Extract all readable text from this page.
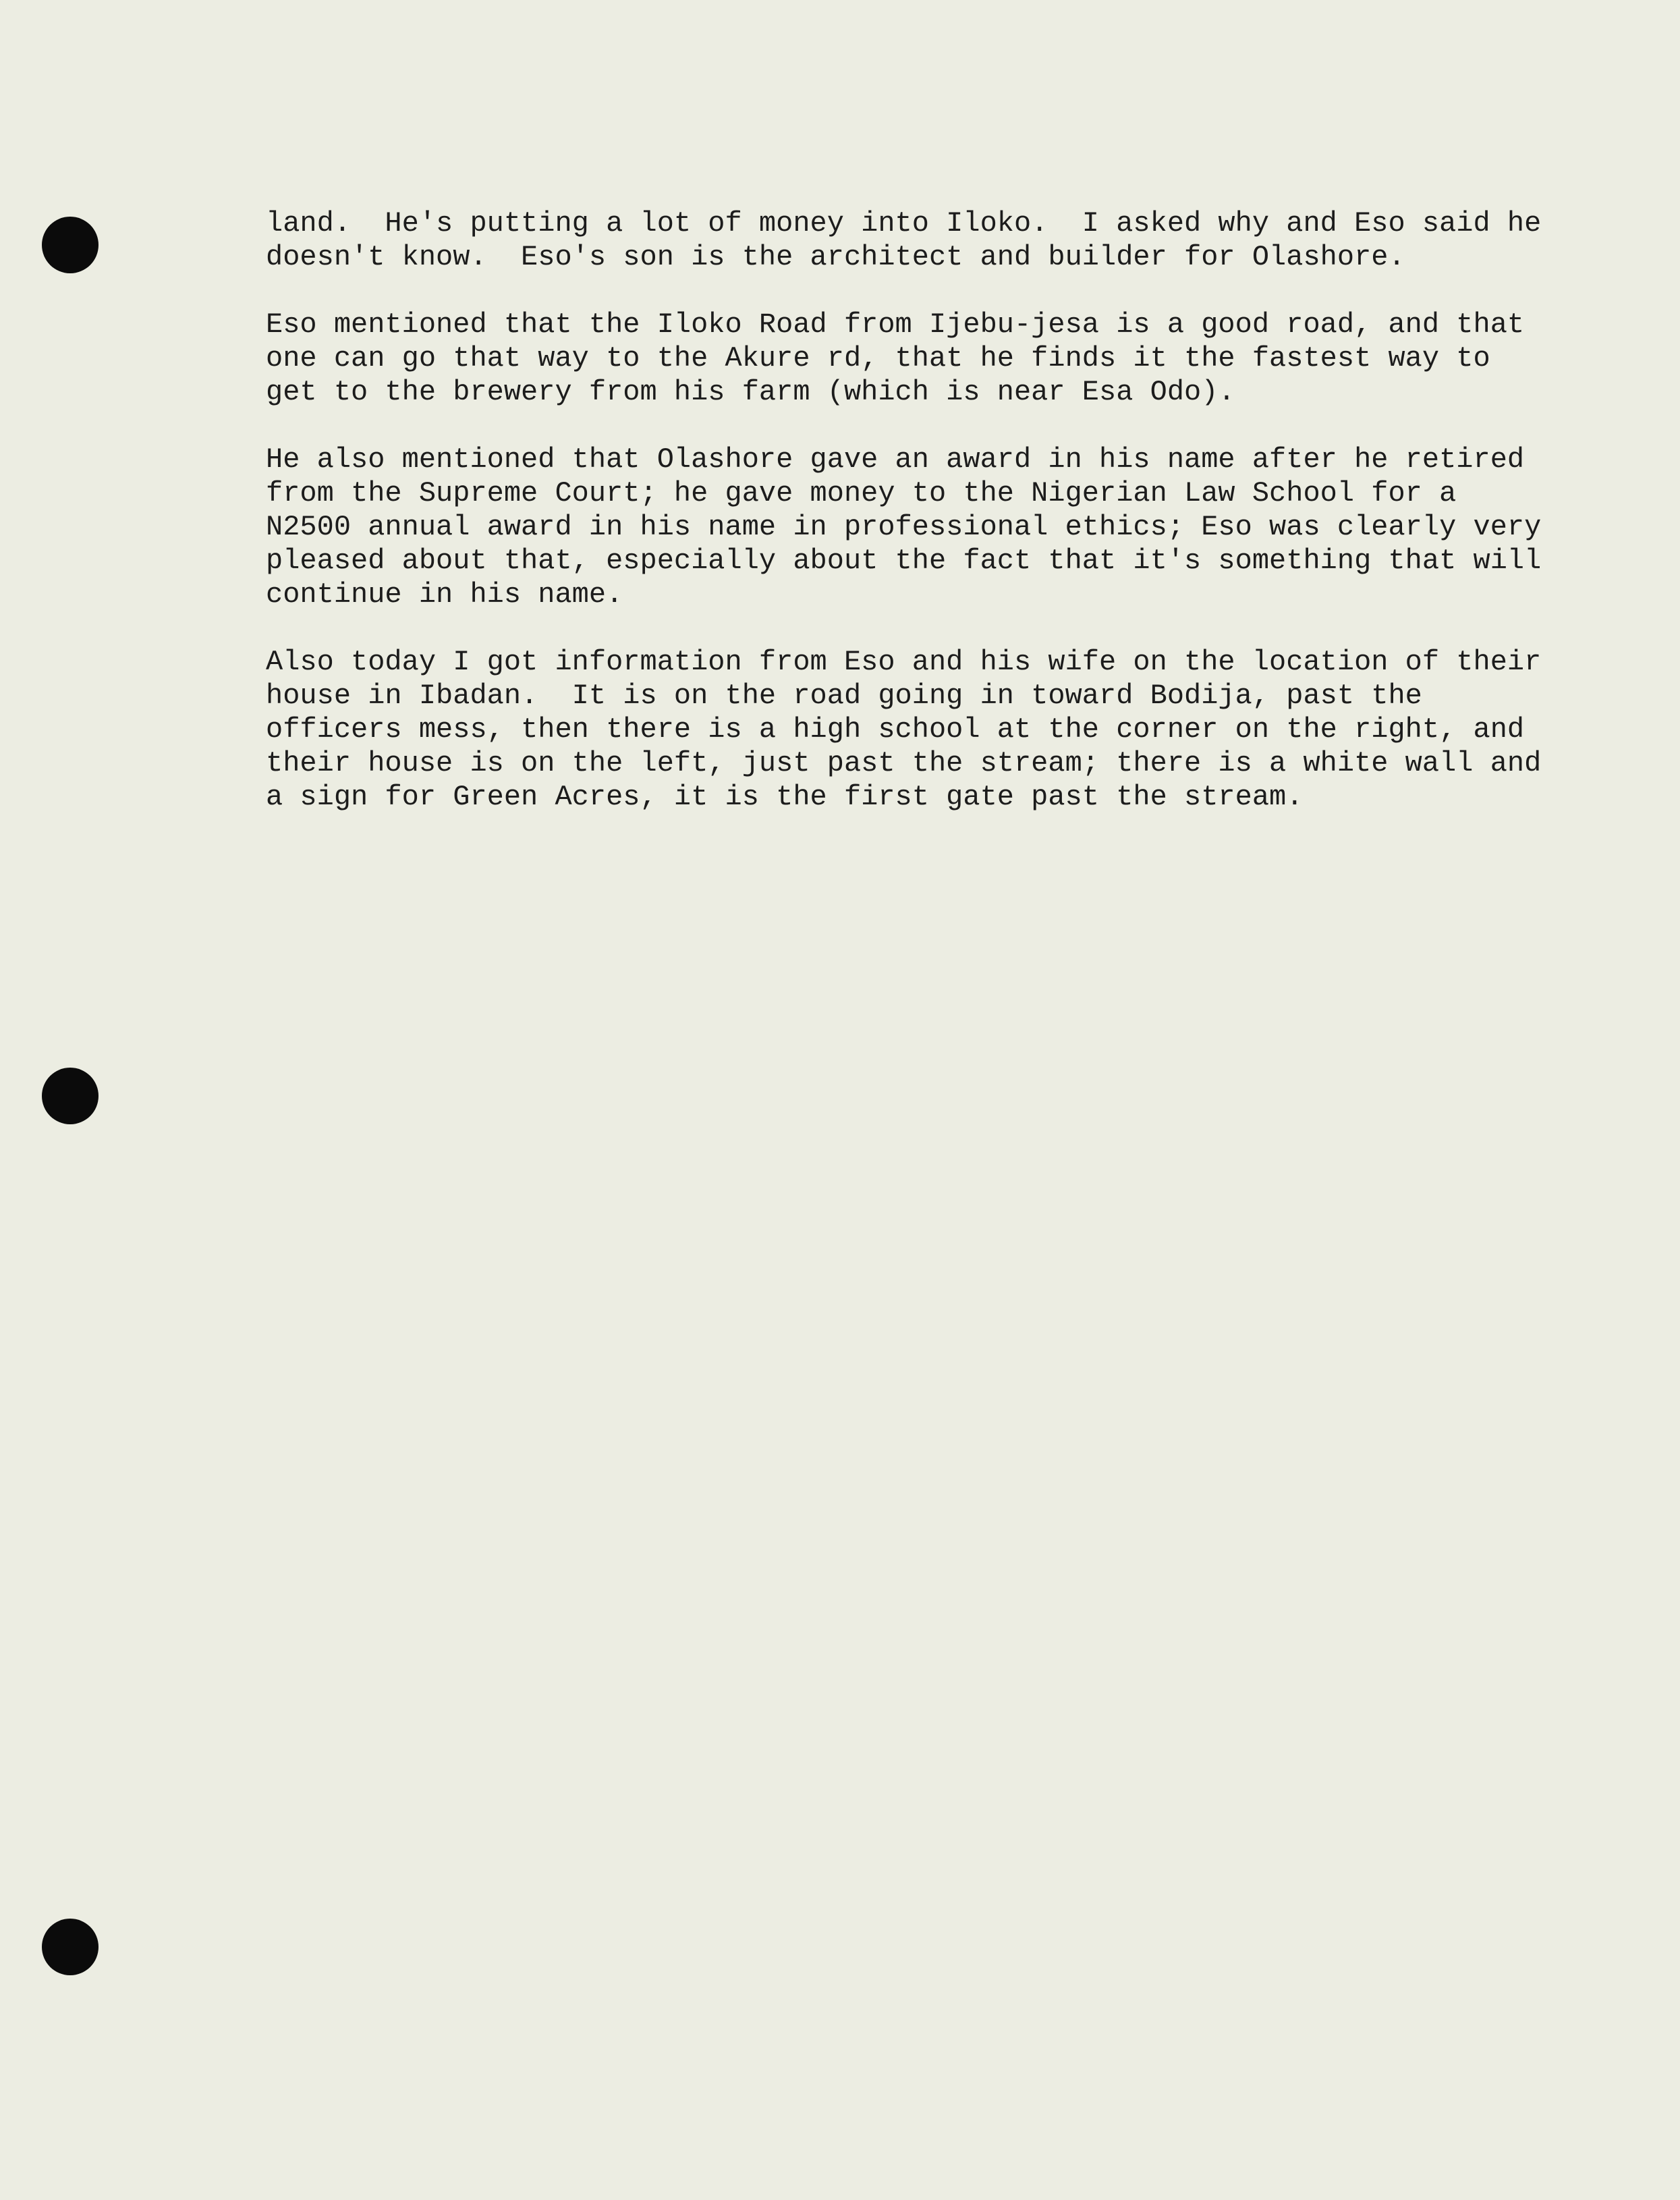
land.  He's putting a lot of money into Iloko.  I asked why and Eso said he
doesn't know.  Eso's son is the architect and builder for Olashore.

Eso mentioned that the Iloko Road from Ijebu-jesa is a good road, and that
one can go that way to the Akure rd, that he finds it the fastest way to
get to the brewery from his farm (which is near Esa Odo).

He also mentioned that Olashore gave an award in his name after he retired
from the Supreme Court; he gave money to the Nigerian Law School for a
N2500 annual award in his name in professional ethics; Eso was clearly very
pleased about that, especially about the fact that it's something that will
continue in his name.

Also today I got information from Eso and his wife on the location of their
house in Ibadan.  It is on the road going in toward Bodija, past the
officers mess, then there is a high school at the corner on the right, and
their house is on the left, just past the stream; there is a white wall and
a sign for Green Acres, it is the first gate past the stream.
